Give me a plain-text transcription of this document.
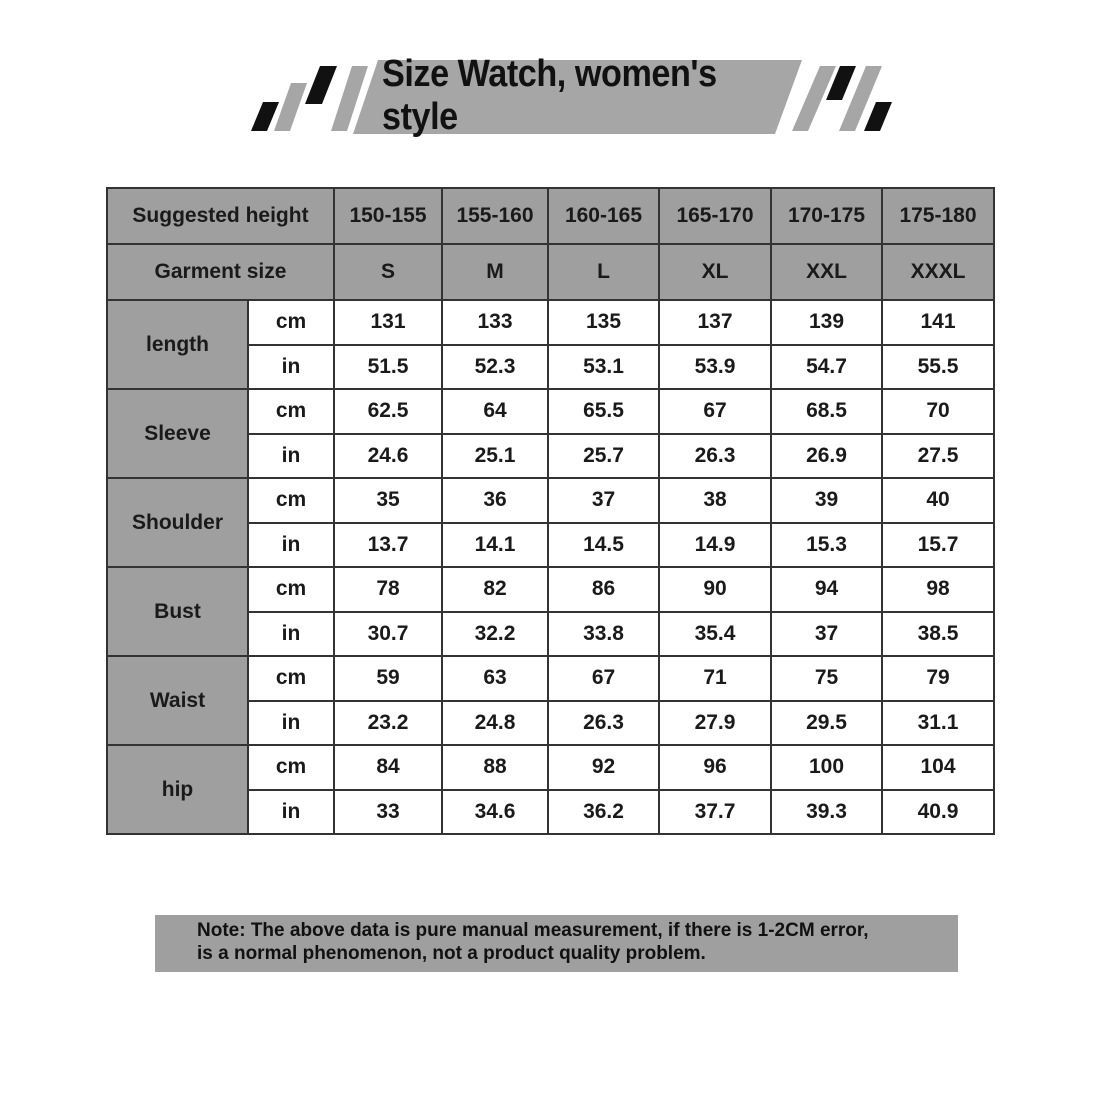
Size Watch, women's style
Suggested height		150-155	155-160	160-165	165-170	170-175	175-180
Garment size		S	M	L	XL	XXL	XXXL
length	cm	131	133	135	137	139	141
	in	51.5	52.3	53.1	53.9	54.7	55.5
Sleeve	cm	62.5	64	65.5	67	68.5	70
	in	24.6	25.1	25.7	26.3	26.9	27.5
Shoulder	cm	35	36	37	38	39	40
	in	13.7	14.1	14.5	14.9	15.3	15.7
Bust	cm	78	82	86	90	94	98
	in	30.7	32.2	33.8	35.4	37	38.5
Waist	cm	59	63	67	71	75	79
	in	23.2	24.8	26.3	27.9	29.5	31.1
hip	cm	84	88	92	96	100	104
	in	33	34.6	36.2	37.7	39.3	40.9
Note: The above data is pure manual measurement, if there is 1-2CM error,
is a normal phenomenon, not a product quality problem.
